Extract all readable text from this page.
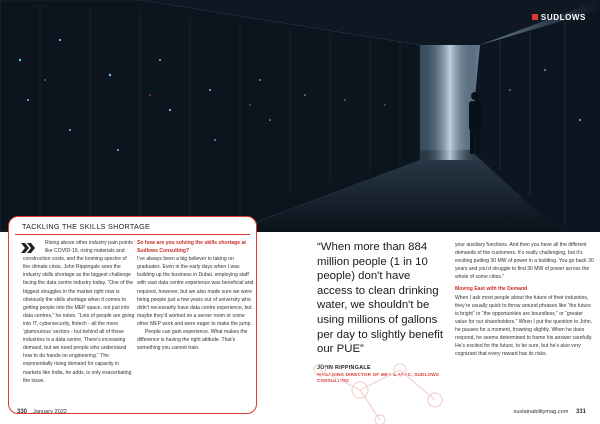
SUDLOWS
TACKLING THE SKILLS SHORTAGE

Rising above other industry pain points

like COVID-19, rising materials and

construction costs, and the looming spectre of the climate crisis, John Rippingale sees the industry skills shortage as the biggest challenge facing the data centre industry today. “One of the biggest struggles in the market right now is obviously the skills shortage when it comes to getting people into the MEP space, not just into data centres,” he notes. “Lots of people are going into IT, cybersecurity, fintech - all the more ‘glamourous’ sectors - but behind all of those industries is a data centre. There’s increasing demand, but we need people who understand how to do hands-on engineering.” The exponentially rising demand for capacity in markets like India, he adds, is only exacerbating the issue.

So how are you solving the skills shortage at Sudlows Consulting?

I’ve always been a big believer in taking on graduates. Even in the early days when I was building up the business in Dubai, employing staff with vast data centre experience was beneficial and required, however, but we also made sure we were hiring people just a few years out of university who didn’t necessarily have data centre experience, but maybe they’d worked on a server room or some other MEP work and were eager to make the jump.

People can gain experience. What makes the difference is having the right attitude. That’s something you cannot train.

“When more than 884 million people (1 in 10 people) don't have access to clean drinking water, we shouldn't be using millions of gallons per day to slightly benefit our PUE”
JOHN RIPPINGALE
MANAGING DIRECTOR OF MEA & APAC, SUDLOWS CONSULTING

your auxiliary functions. And then you have all the different demands of the customers. It’s really challenging, but it’s exciting putting 30 MW of power in a building. You go back 30 years and you’d struggle to find 30 MW of power across the whole of some cities.”

Moving East with the Demand

When I ask most people about the future of their industries, they’re usually quick to throw around phrases like “the future is bright” or “the opportunities are boundless,” or “greater value for our shareholders.” When I put the question to John, he pauses for a moment, frowning slightly. When he does respond, he seems determined to frame his answer carefully. He’s excited for the future, to be sure, but he’s also very cognizant that every reward has its risks.

330 January 2022	sustainabilitymag.com 331
